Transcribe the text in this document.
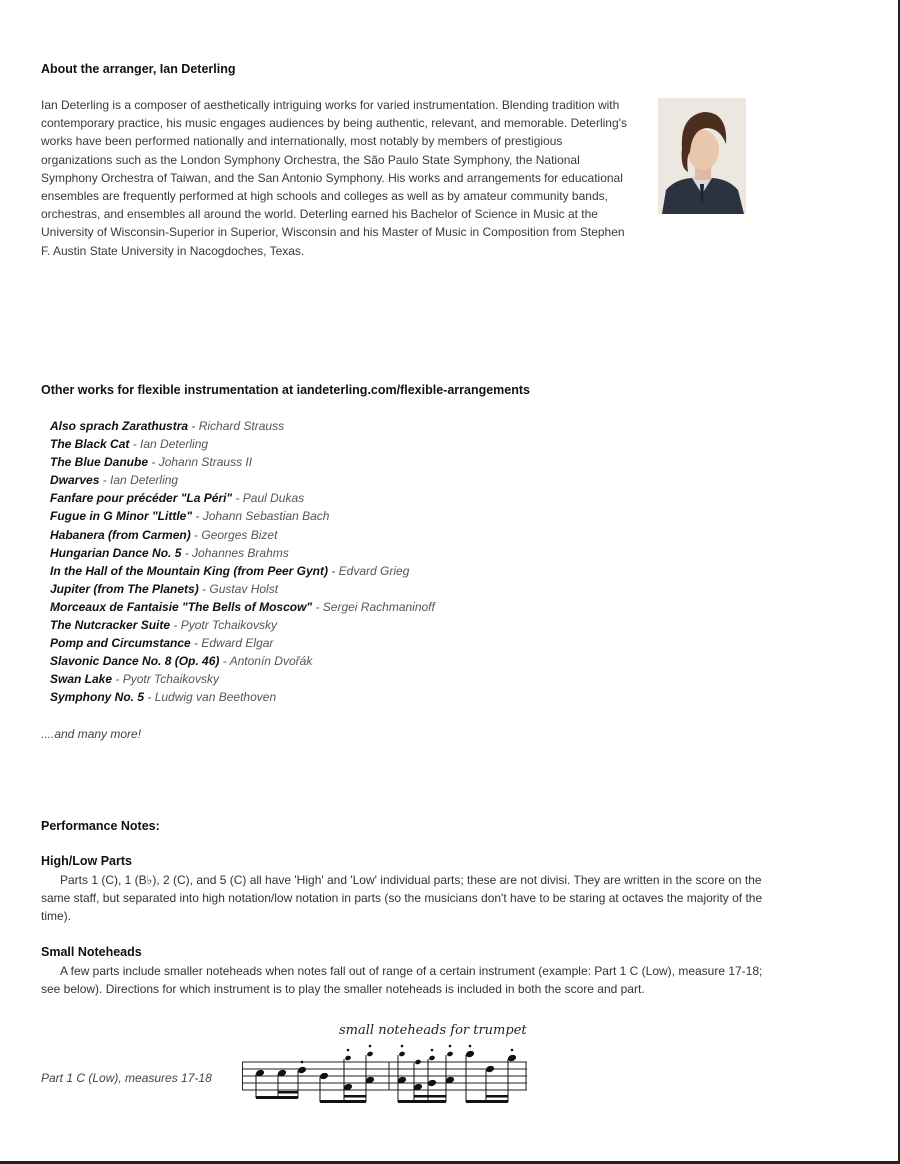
About the arranger, Ian Deterling
Ian Deterling is a composer of aesthetically intriguing works for varied instrumentation. Blending tradition with contemporary practice, his music engages audiences by being authentic, relevant, and memorable. Deterling's works have been performed nationally and internationally, most notably by members of prestigious organizations such as the London Symphony Orchestra, the São Paulo State Symphony, the National Symphony Orchestra of Taiwan, and the San Antonio Symphony. His works and arrangements for educational ensembles are frequently performed at high schools and colleges as well as by amateur community bands, orchestras, and ensembles all around the world. Deterling earned his Bachelor of Science in Music at the University of Wisconsin-Superior in Superior, Wisconsin and his Master of Music in Composition from Stephen F. Austin State University in Nacogdoches, Texas.
Other works for flexible instrumentation at iandeterling.com/flexible-arrangements
Also sprach Zarathustra - Richard Strauss
The Black Cat - Ian Deterling
The Blue Danube - Johann Strauss II
Dwarves - Ian Deterling
Fanfare pour précéder "La Péri" - Paul Dukas
Fugue in G Minor "Little" - Johann Sebastian Bach
Habanera (from Carmen) - Georges Bizet
Hungarian Dance No. 5 - Johannes Brahms
In the Hall of the Mountain King (from Peer Gynt) - Edvard Grieg
Jupiter (from The Planets) - Gustav Holst
Morceaux de Fantaisie "The Bells of Moscow" - Sergei Rachmaninoff
The Nutcracker Suite - Pyotr Tchaikovsky
Pomp and Circumstance - Edward Elgar
Slavonic Dance No. 8 (Op. 46) - Antonín Dvořák
Swan Lake - Pyotr Tchaikovsky
Symphony No. 5 - Ludwig van Beethoven
....and many more!
Performance Notes:
High/Low Parts
Parts 1 (C), 1 (B♭), 2 (C), and 5 (C) all have 'High' and 'Low' individual parts; these are not divisi. They are written in the score on the same staff, but separated into high notation/low notation in parts (so the musicians don't have to be staring at octaves the majority of the time).
Small Noteheads
A few parts include smaller noteheads when notes fall out of range of a certain instrument (example: Part 1 C (Low), measure 17-18; see below). Directions for which instrument is to play the smaller noteheads is included in both the score and part.
small noteheads for trumpet
Part 1 C (Low), measures 17-18
